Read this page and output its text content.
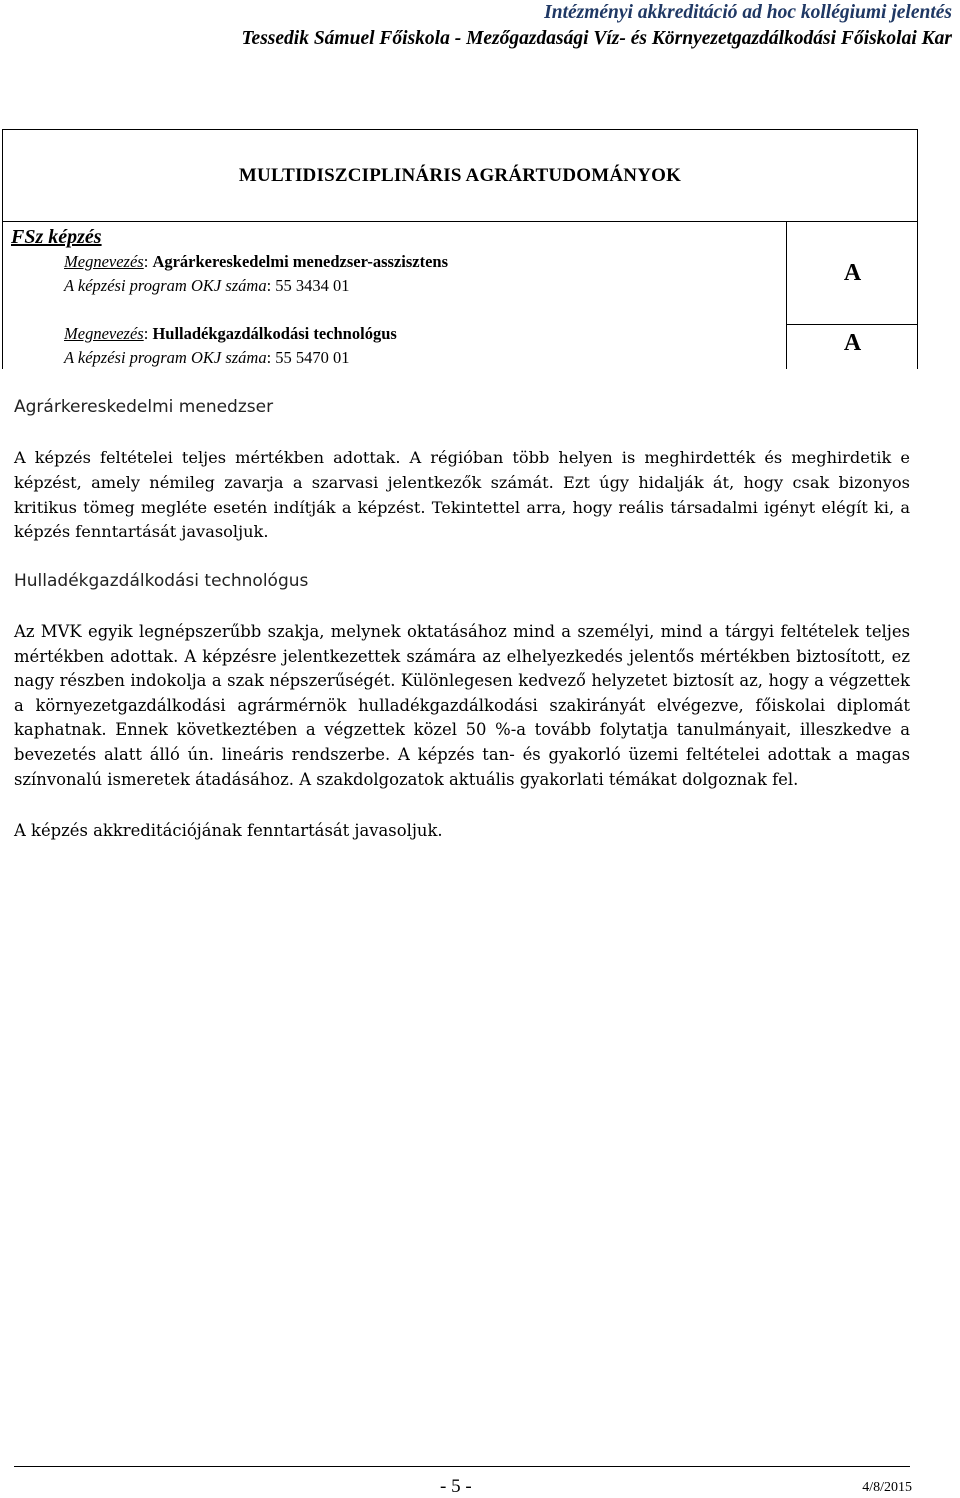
Intézményi akkreditáció ad hoc kollégiumi jelentés
Tessedik Sámuel Főiskola - Mezőgazdasági Víz- és Környezetgazdálkodási Főiskolai Kar
MULTIDISZCIPLINÁRIS AGRÁRTUDOMÁNYOK
FSz képzés
Megnevezés: Agrárkereskedelmi menedzser-asszisztens
A képzési program OKJ száma: 55 3434 01	A
Megnevezés: Hulladékgazdálkodási technológus
A képzési program OKJ száma: 55 5470 01
A
Agrárkereskedelmi menedzser
A képzés feltételei teljes mértékben adottak. A régióban több helyen is meghirdették és meghirdetik e képzést, amely némileg zavarja a szarvasi jelentkezők számát. Ezt úgy hidalják át, hogy csak bizonyos kritikus tömeg megléte esetén indítják a képzést. Tekintettel arra, hogy reális társadalmi igényt elégít ki, a képzés fenntartását javasoljuk.
Hulladékgazdálkodási technológus
Az MVK egyik legnépszerűbb szakja, melynek oktatásához mind a személyi, mind a tárgyi feltételek teljes mértékben adottak. A képzésre jelentkezettek számára az elhelyezkedés jelentős mértékben biztosított, ez nagy részben indokolja a szak népszerűségét. Különlegesen kedvező helyzetet biztosít az, hogy a végzettek a környezetgazdálkodási agrármérnök hulladékgazdálkodási szakirányát elvégezve, főiskolai diplomát kaphatnak. Ennek következtében a végzettek közel 50 %-a tovább folytatja tanulmányait, illeszkedve a bevezetés alatt álló ún. lineáris rendszerbe. A képzés tan- és gyakorló üzemi feltételei adottak a magas színvonalú ismeretek átadásához. A szakdolgozatok aktuális gyakorlati témákat dolgoznak fel.
A képzés akkreditációjának fenntartását javasoljuk.
- 5 -	4/8/2015
